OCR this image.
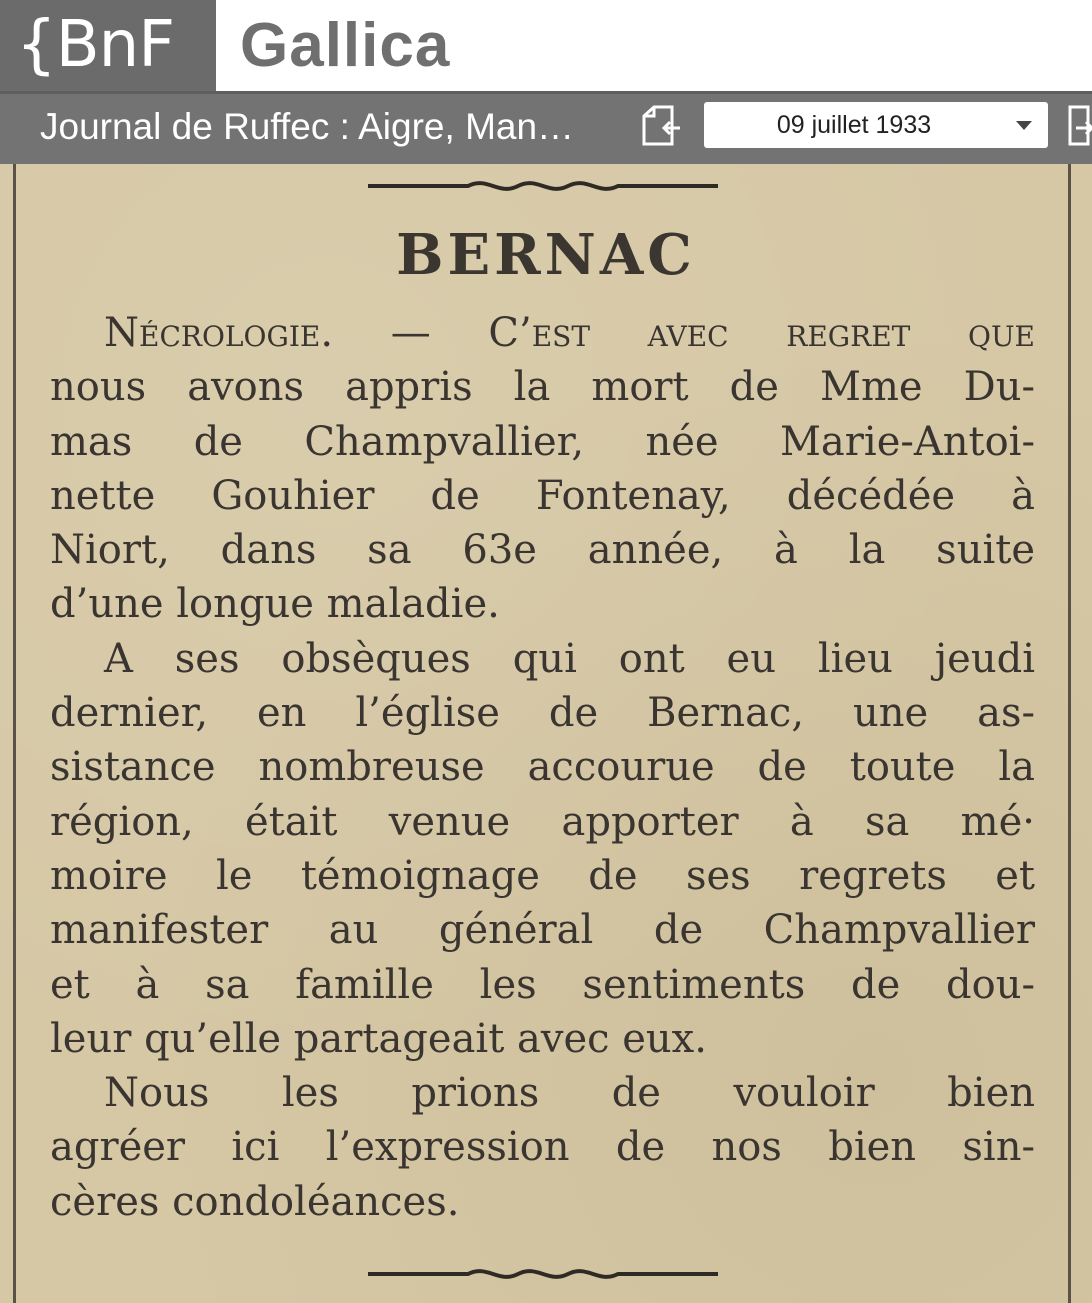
{BnF	Gallica
Journal de Ruffec : Aigre, Man…	09 juillet 1933
BERNAC
Nécrologie. — C’est avec regret que
nous avons appris la mort de Mme Du-
mas de Champvallier, née Marie-Antoi-
nette Gouhier de Fontenay, décédée à
Niort, dans sa 63e année, à la suite
d’une longue maladie.
A ses obsèques qui ont eu lieu jeudi
dernier, en l’église de Bernac, une as-
sistance nombreuse accourue de toute la
région, était venue apporter à sa mé·
moire le témoignage de ses regrets et
manifester au général de Champvallier
et à sa famille les sentiments de dou-
leur qu’elle partageait avec eux.
Nous les prions de vouloir bien
agréer ici l’expression de nos bien sin-
cères condoléances.
